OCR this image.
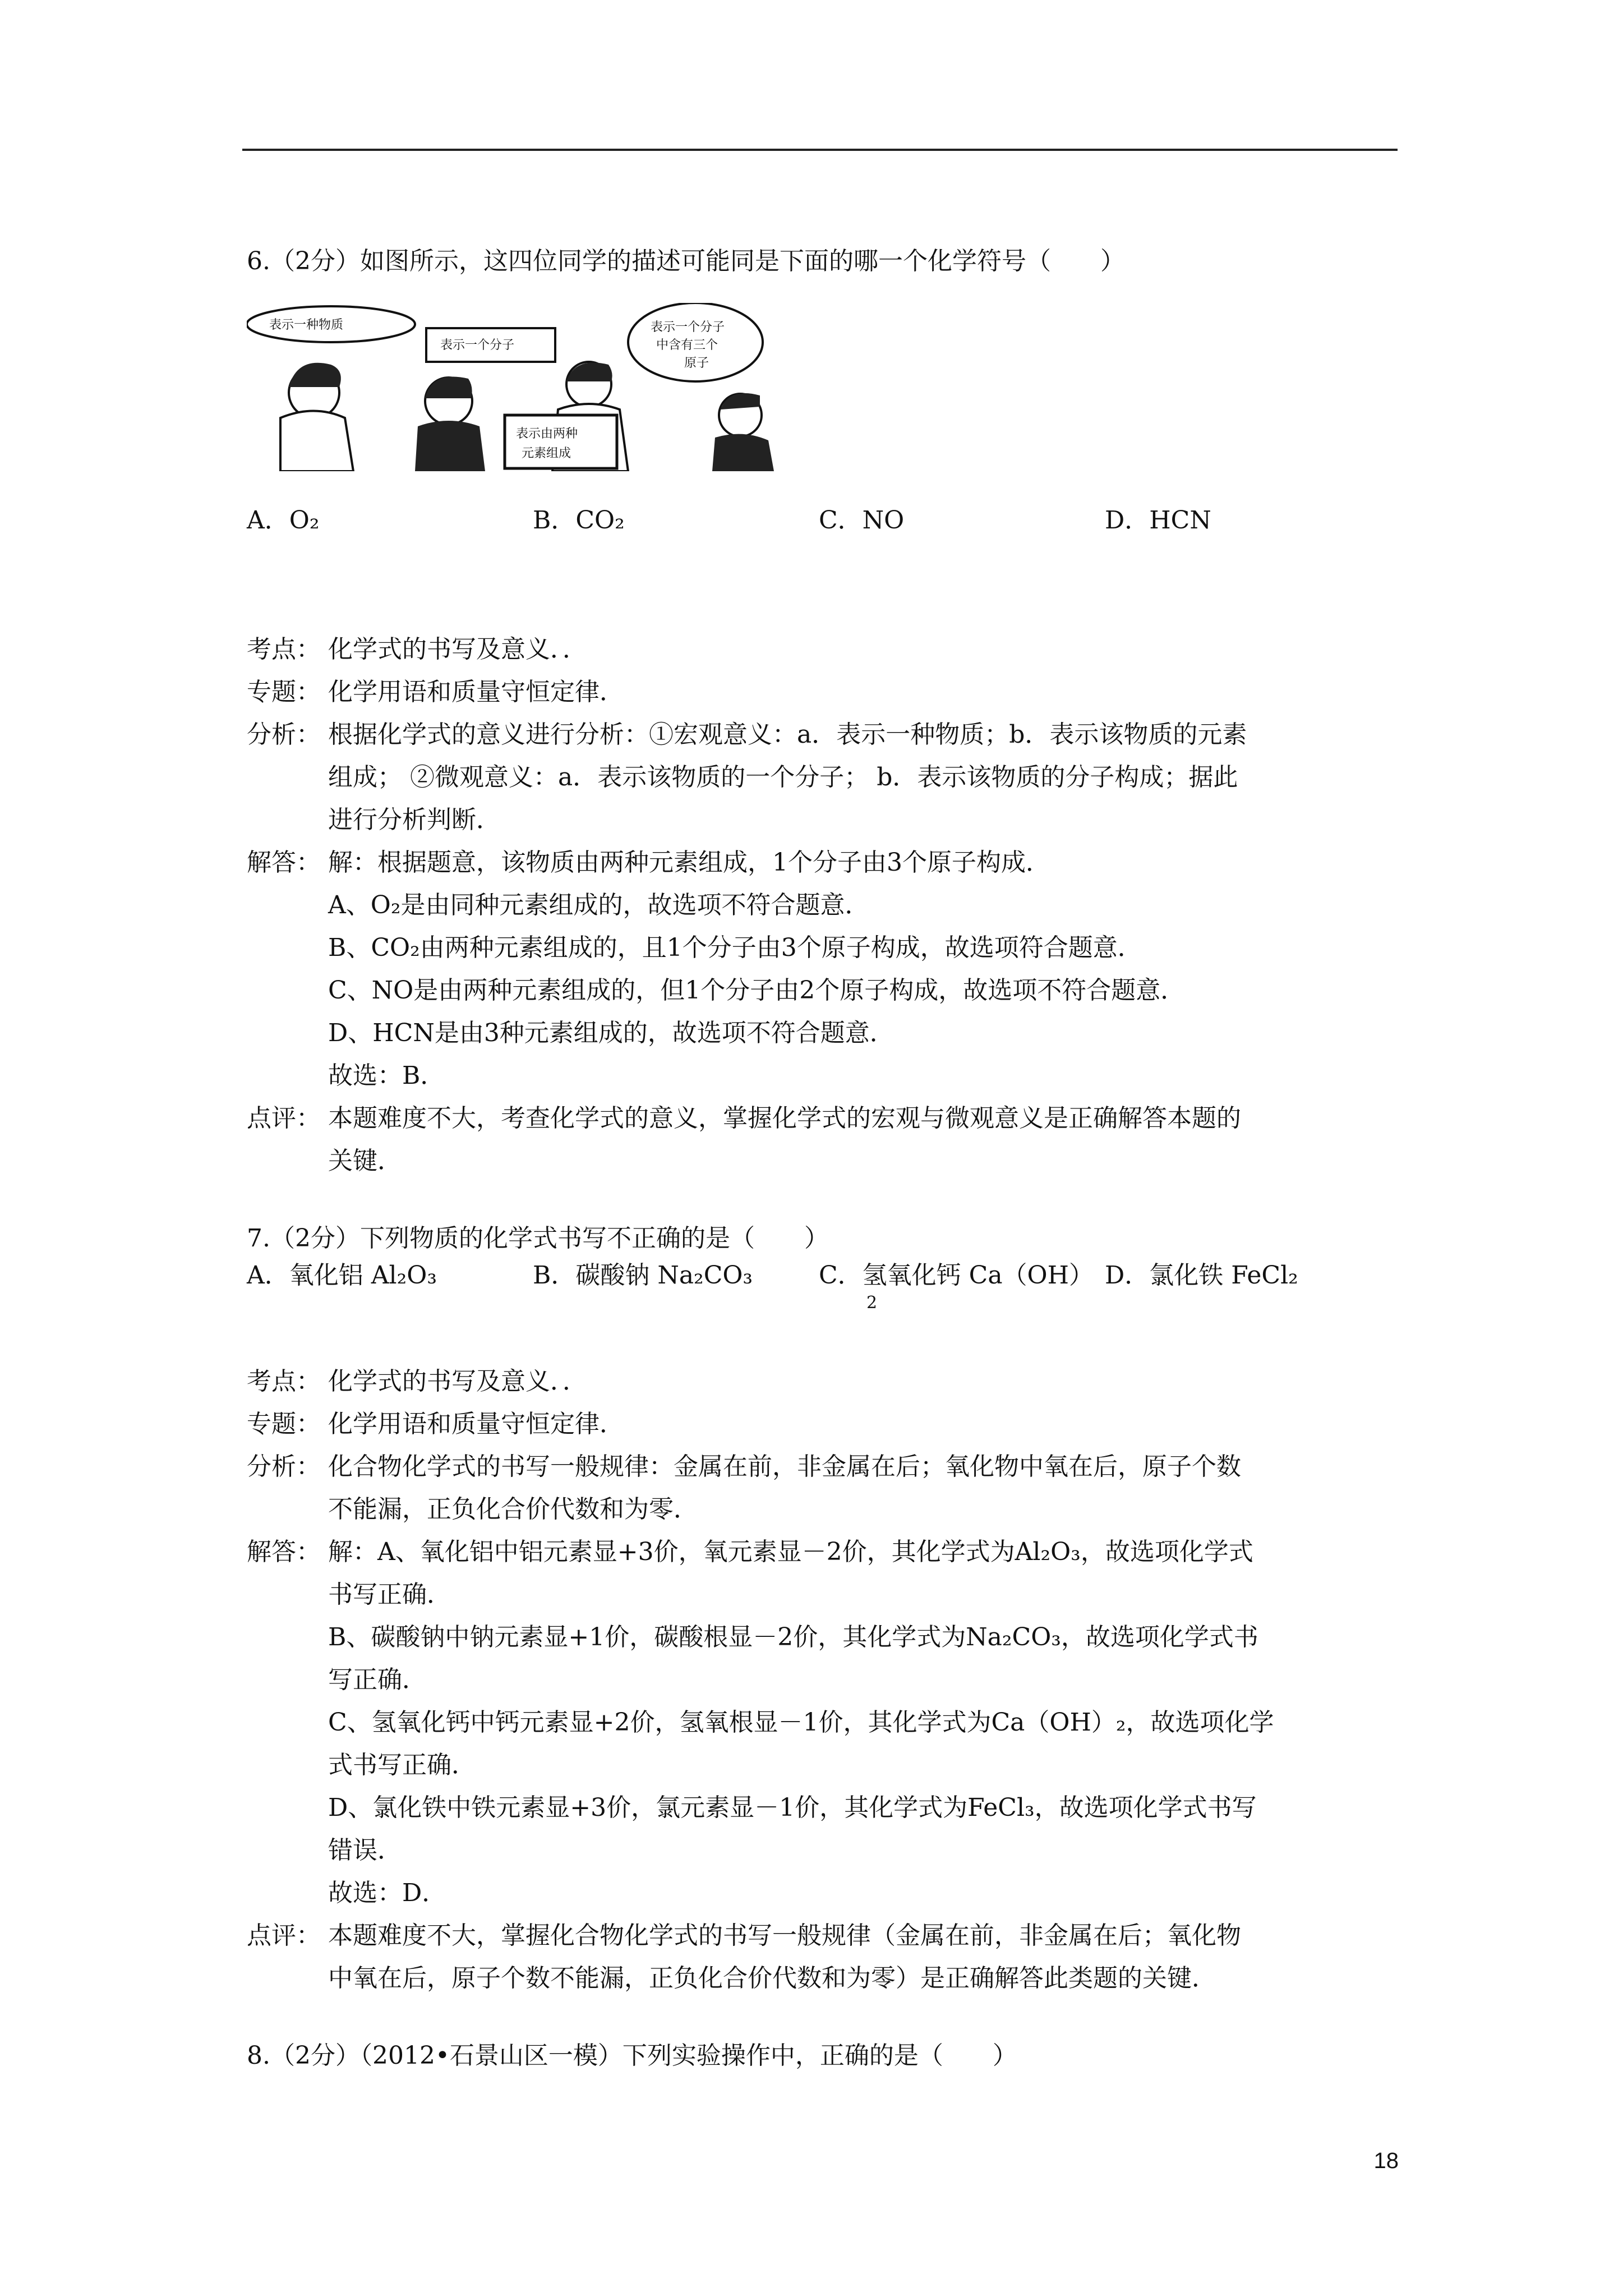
6.（2分）如图所示，这四位同学的描述可能同是下面的哪一个化学符号（　　）
表示一种物质
表示一个分子
表示由两种
元素组成
表示一个分子
中含有三个
原子
A．O₂	B．CO₂	C．NO	D．HCN
考点： 化学式的书写及意义．．
专题： 化学用语和质量守恒定律．
分析： 根据化学式的意义进行分析：①宏观意义：a．表示一种物质；b．表示该物质的元素
组成； ②微观意义：a．表示该物质的一个分子； b．表示该物质的分子构成；据此
进行分析判断．
解答： 解：根据题意，该物质由两种元素组成，1个分子由3个原子构成．
A、O₂是由同种元素组成的，故选项不符合题意．
B、CO₂由两种元素组成的，且1个分子由3个原子构成，故选项符合题意．
C、NO是由两种元素组成的，但1个分子由2个原子构成，故选项不符合题意．
D、HCN是由3种元素组成的，故选项不符合题意．
故选：B．
点评： 本题难度不大，考查化学式的意义，掌握化学式的宏观与微观意义是正确解答本题的
关键．
7.（2分）下列物质的化学式书写不正确的是（　　）
A．氧化铝 Al₂O₃	B．碳酸钠 Na₂CO₃	C．氢氧化钙 Ca（OH） D．氯化铁 FeCl₂
2
考点： 化学式的书写及意义．．
专题： 化学用语和质量守恒定律．
分析： 化合物化学式的书写一般规律：金属在前，非金属在后；氧化物中氧在后，原子个数
不能漏，正负化合价代数和为零．
解答： 解：A、氧化铝中铝元素显+3价，氧元素显－2价，其化学式为Al₂O₃，故选项化学式
书写正确．
B、碳酸钠中钠元素显+1价，碳酸根显－2价，其化学式为Na₂CO₃，故选项化学式书
写正确．
C、氢氧化钙中钙元素显+2价，氢氧根显－1价，其化学式为Ca（OH）₂，故选项化学
式书写正确．
D、氯化铁中铁元素显+3价，氯元素显－1价，其化学式为FeCl₃，故选项化学式书写
错误．
故选：D．
点评： 本题难度不大，掌握化合物化学式的书写一般规律（金属在前，非金属在后；氧化物
中氧在后，原子个数不能漏，正负化合价代数和为零）是正确解答此类题的关键．
8.（2分）（2012•石景山区一模）下列实验操作中，正确的是（　　）
18
